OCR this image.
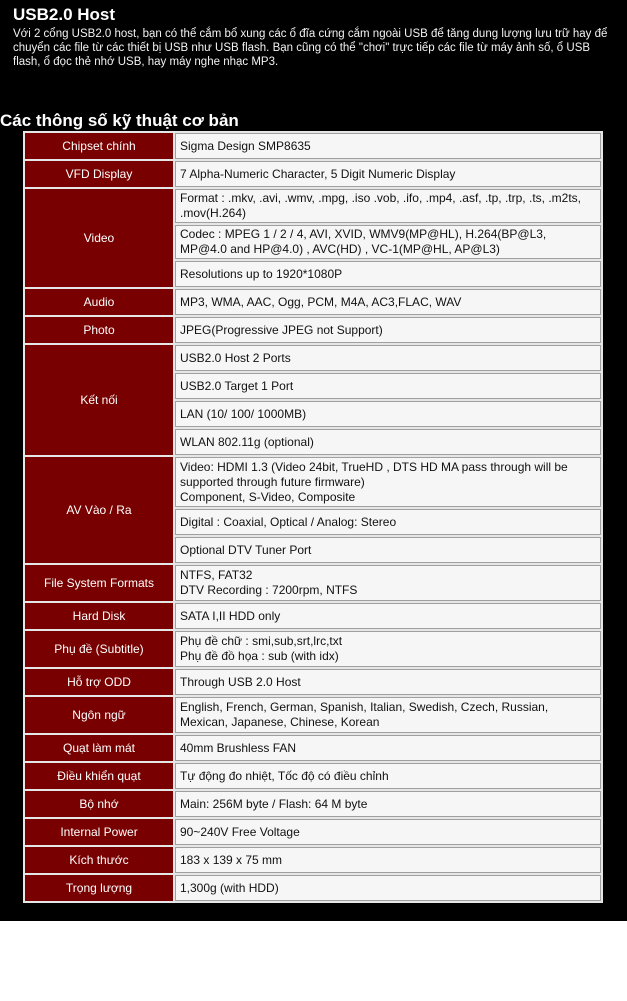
USB2.0 Host

Với 2 cổng USB2.0 host, bạn có thể cắm bổ xung các ổ đĩa cứng cắm ngoài USB để tăng dung lượng lưu trữ hay để chuyển các file từ các thiết bị USB như USB flash. Bạn cũng có thể "chơi" trực tiếp các file từ máy ảnh số, ổ USB flash, ổ đọc thẻ nhớ USB, hay máy nghe nhạc MP3.

Các thông số kỹ thuật cơ bản
Chipset chính	Sigma Design SMP8635
VFD Display	7 Alpha-Numeric Character, 5 Digit Numeric Display
Video	Format : .mkv, .avi, .wmv, .mpg, .iso .vob, .ifo, .mp4, .asf, .tp, .trp, .ts, .m2ts, .mov(H.264)
	Codec : MPEG 1 / 2 / 4, AVI, XVID, WMV9(MP@HL), H.264(BP@L3, MP@4.0 and HP@4.0) , AVC(HD) , VC-1(MP@HL, AP@L3)
	Resolutions up to 1920*1080P
Audio	MP3, WMA, AAC, Ogg, PCM, M4A, AC3,FLAC, WAV
Photo	JPEG(Progressive JPEG not Support)
Kết nối	USB2.0 Host 2 Ports
	USB2.0 Target 1 Port
	LAN (10/ 100/ 1000MB)
	WLAN 802.11g (optional)
AV Vào / Ra	Video: HDMI 1.3 (Video 24bit, TrueHD , DTS HD MA pass through will be supported through future firmware)
Component, S-Video, Composite

	Digital : Coaxial, Optical / Analog: Stereo
	Optional DTV Tuner Port
File System Formats	NTFS, FAT32
DTV Recording : 7200rpm, NTFS

Hard Disk	SATA I,II HDD only
Phụ đề (Subtitle)	Phụ đề chữ : smi,sub,srt,lrc,txt
Phụ đề đồ họa : sub (with idx)

Hỗ trợ ODD	Through USB 2.0 Host
Ngôn ngữ	English, French, German, Spanish, Italian, Swedish, Czech, Russian, Mexican, Japanese, Chinese, Korean
Quạt làm mát	40mm Brushless FAN
Điều khiển quạt	Tự động đo nhiệt, Tốc độ có điều chỉnh
Bộ nhớ	Main: 256M byte / Flash: 64 M byte
Internal Power	90~240V Free Voltage
Kích thước	183 x 139 x 75 mm
Trọng lượng	1,300g (with HDD)
